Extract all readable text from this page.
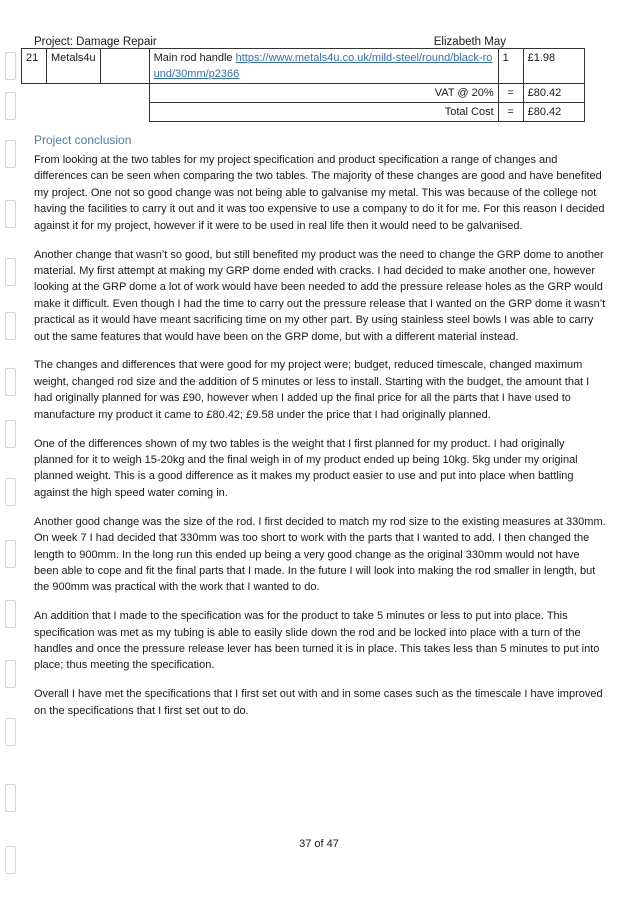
Project: Damage Repair	Elizabeth May
21	Metals4u		Main rod handle https://www.metals4u.co.uk/mild-steel/round/black-round/30mm/p2366	1	£1.98
			VAT @ 20%	=	£80.42
			Total Cost	=	£80.42
Project conclusion

From looking at the two tables for my project specification and product specification a range of changes and differences can be seen when comparing the two tables. The majority of these changes are good and have benefited my project. One not so good change was not being able to galvanise my metal. This was because of the college not having the facilities to carry it out and it was too expensive to use a company to do it for me. For this reason I decided against it for my project, however if it were to be used in real life then it would need to be galvanised.

Another change that wasn’t so good, but still benefited my product was the need to change the GRP dome to another material. My first attempt at making my GRP dome ended with cracks. I had decided to make another one, however looking at the GRP dome a lot of work would have been needed to add the pressure release holes as the GRP would make it difficult. Even though I had the time to carry out the pressure release that I wanted on the GRP dome it wasn’t practical as it would have meant sacrificing time on my other part. By using stainless steel bowls I was able to carry out the same features that would have been on the GRP dome, but with a different material instead.

The changes and differences that were good for my project were; budget, reduced timescale, changed maximum weight, changed rod size and the addition of 5 minutes or less to install. Starting with the budget, the amount that I had originally planned for was £90, however when I added up the final price for all the parts that I have used to manufacture my product it came to £80.42; £9.58 under the price that I had originally planned.

One of the differences shown of my two tables is the weight that I first planned for my product. I had originally planned for it to weigh 15-20kg and the final weigh in of my product ended up being 10kg. 5kg under my original planned weight. This is a good difference as it makes my product easier to use and put into place when battling against the high speed water coming in.

Another good change was the size of the rod. I first decided to match my rod size to the existing measures at 330mm. On week 7 I had decided that 330mm was too short to work with the parts that I wanted to add. I then changed the length to 900mm. In the long run this ended up being a very good change as the original 330mm would not have been able to cope and fit the final parts that I made. In the future I will look into making the rod smaller in length, but the 900mm was practical with the work that I wanted to do.

An addition that I made to the specification was for the product to take 5 minutes or less to put into place. This specification was met as my tubing is able to easily slide down the rod and be locked into place with a turn of the handles and once the pressure release lever has been turned it is in place. This takes less than 5 minutes to put into place; thus meeting the specification.

Overall I have met the specifications that I first set out with and in some cases such as the timescale I have improved on the specifications that I first set out to do.

37 of 47
